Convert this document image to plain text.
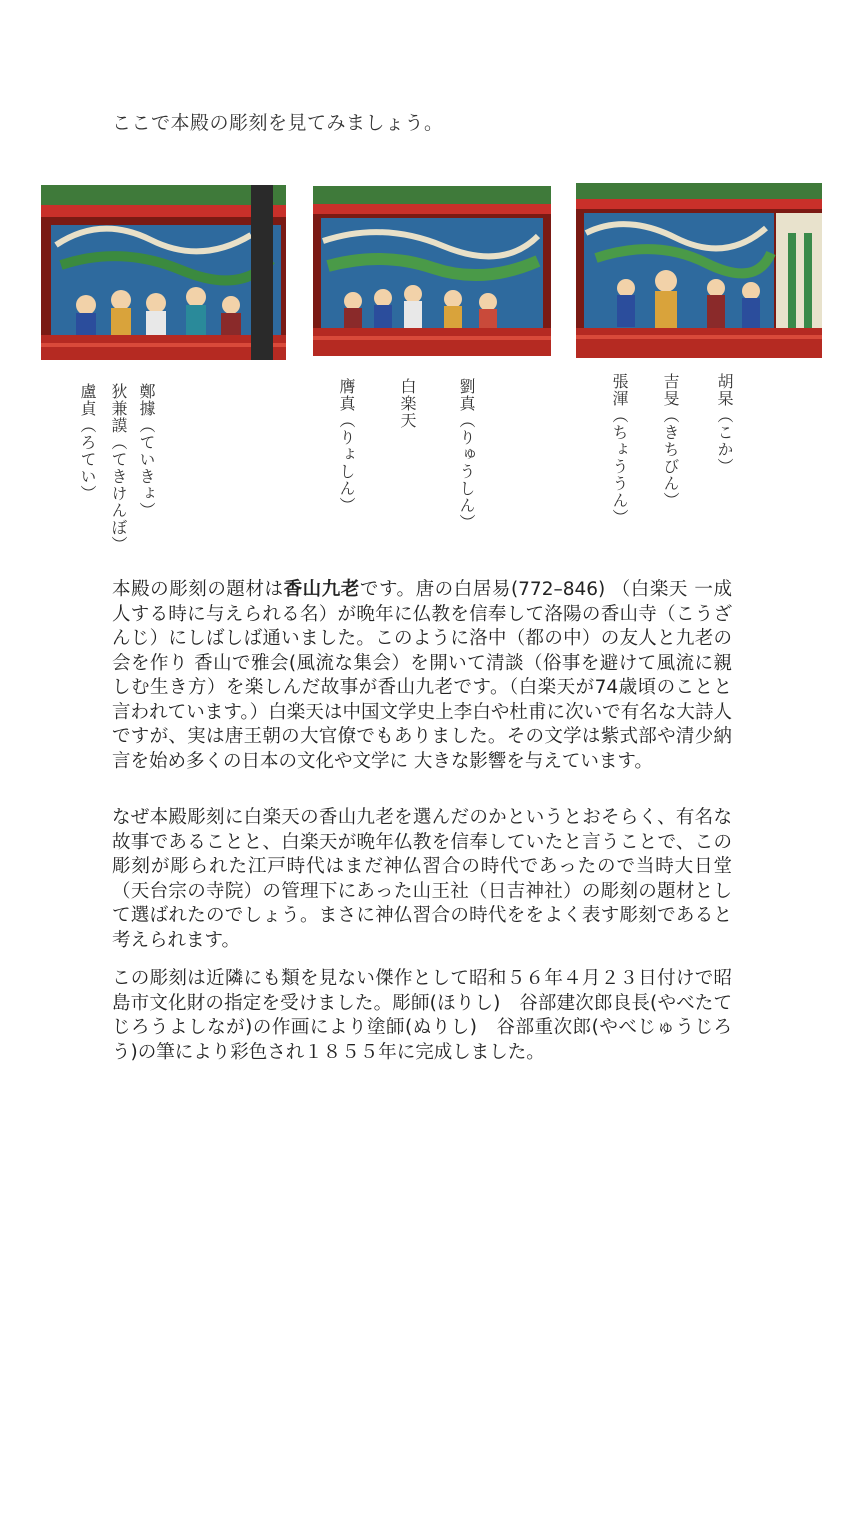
ここで本殿の彫刻を見てみましょう。

鄭據（ていきょ）

狄兼謨（てきけんぼ）

盧貞（ろてい）	劉真（りゅうしん）

白楽天

膺真（りょしん）	胡杲（こか）

吉旻（きちびん）

張渾（ちょううん）

本殿の彫刻の題材は香山九老です。唐の白居易(772–846) （白楽天 一成人する時に与えられる名）が晩年に仏教を信奉して洛陽の香山寺（こうざんじ）にしばしば通いました。このように洛中（都の中）の友人と九老の会を作り 香山で雅会(風流な集会）を開いて清談（俗事を避けて風流に親しむ生き方）を楽しんだ故事が香山九老です。（白楽天が74歳頃のことと言われています。）白楽天は中国文学史上李白や杜甫に次いで有名な大詩人ですが、実は唐王朝の大官僚でもありました。その文学は紫式部や清少納言を始め多くの日本の文化や文学に 大きな影響を与えています。

なぜ本殿彫刻に白楽天の香山九老を選んだのかというとおそらく、有名な故事であることと、白楽天が晩年仏教を信奉していたと言うことで、この彫刻が彫られた江戸時代はまだ神仏習合の時代であったので当時大日堂（天台宗の寺院）の管理下にあった山王社（日吉神社）の彫刻の題材として選ばれたのでしょう。まさに神仏習合の時代ををよく表す彫刻であると考えられます。

この彫刻は近隣にも類を見ない傑作として昭和５６年４月２３日付けで昭島市文化財の指定を受けました。彫師(ほりし)　谷部建次郎良長(やべたてじろうよしなが)の作画により塗師(ぬりし)　谷部重次郎(やべじゅうじろう)の筆により彩色され１８５５年に完成しました。
